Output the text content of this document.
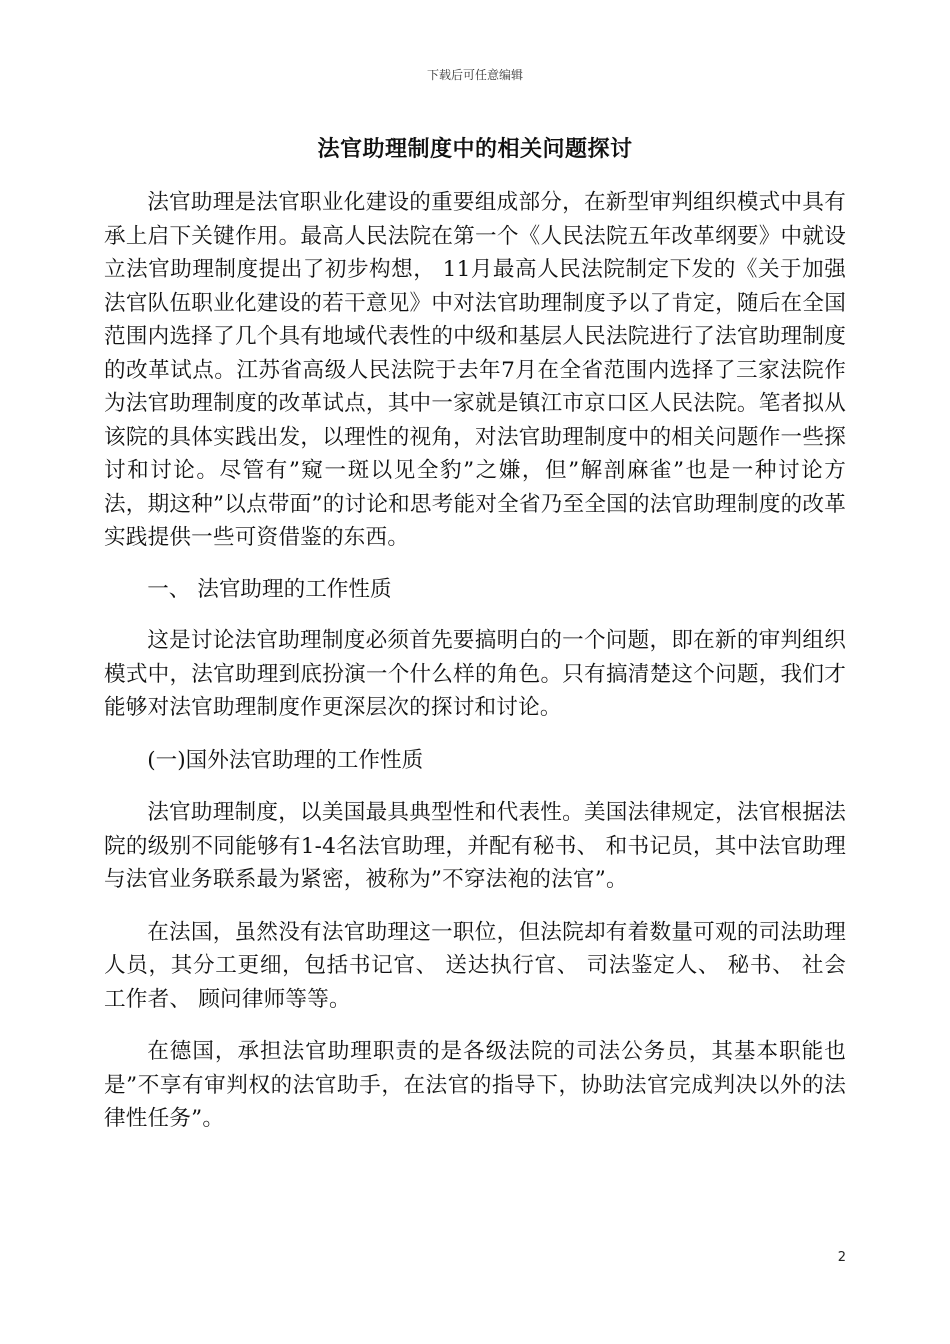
下载后可任意编辑
法官助理制度中的相关问题探讨

法官助理是法官职业化建设的重要组成部分，在新型审判组织模式中具有承上启下关键作用。最高人民法院在第一个《人民法院五年改革纲要》中就设立法官助理制度提出了初步构想， 11月最高人民法院制定下发的《关于加强法官队伍职业化建设的若干意见》中对法官助理制度予以了肯定，随后在全国范围内选择了几个具有地域代表性的中级和基层人民法院进行了法官助理制度的改革试点。江苏省高级人民法院于去年7月在全省范围内选择了三家法院作为法官助理制度的改革试点，其中一家就是镇江市京口区人民法院。笔者拟从该院的具体实践出发，以理性的视角，对法官助理制度中的相关问题作一些探讨和讨论。尽管有”窥一斑以见全豹”之嫌，但”解剖麻雀”也是一种讨论方法，期这种”以点带面”的讨论和思考能对全省乃至全国的法官助理制度的改革实践提供一些可资借鉴的东西。

一、 法官助理的工作性质

这是讨论法官助理制度必须首先要搞明白的一个问题，即在新的审判组织模式中，法官助理到底扮演一个什么样的角色。只有搞清楚这个问题，我们才能够对法官助理制度作更深层次的探讨和讨论。

(一)国外法官助理的工作性质

法官助理制度，以美国最具典型性和代表性。美国法律规定，法官根据法院的级别不同能够有1-4名法官助理，并配有秘书、 和书记员，其中法官助理与法官业务联系最为紧密，被称为”不穿法袍的法官”。

在法国，虽然没有法官助理这一职位，但法院却有着数量可观的司法助理人员，其分工更细，包括书记官、 送达执行官、 司法鉴定人、 秘书、 社会工作者、 顾问律师等等。

在德国，承担法官助理职责的是各级法院的司法公务员，其基本职能也是”不享有审判权的法官助手，在法官的指导下，协助法官完成判决以外的法律性任务”。

2
